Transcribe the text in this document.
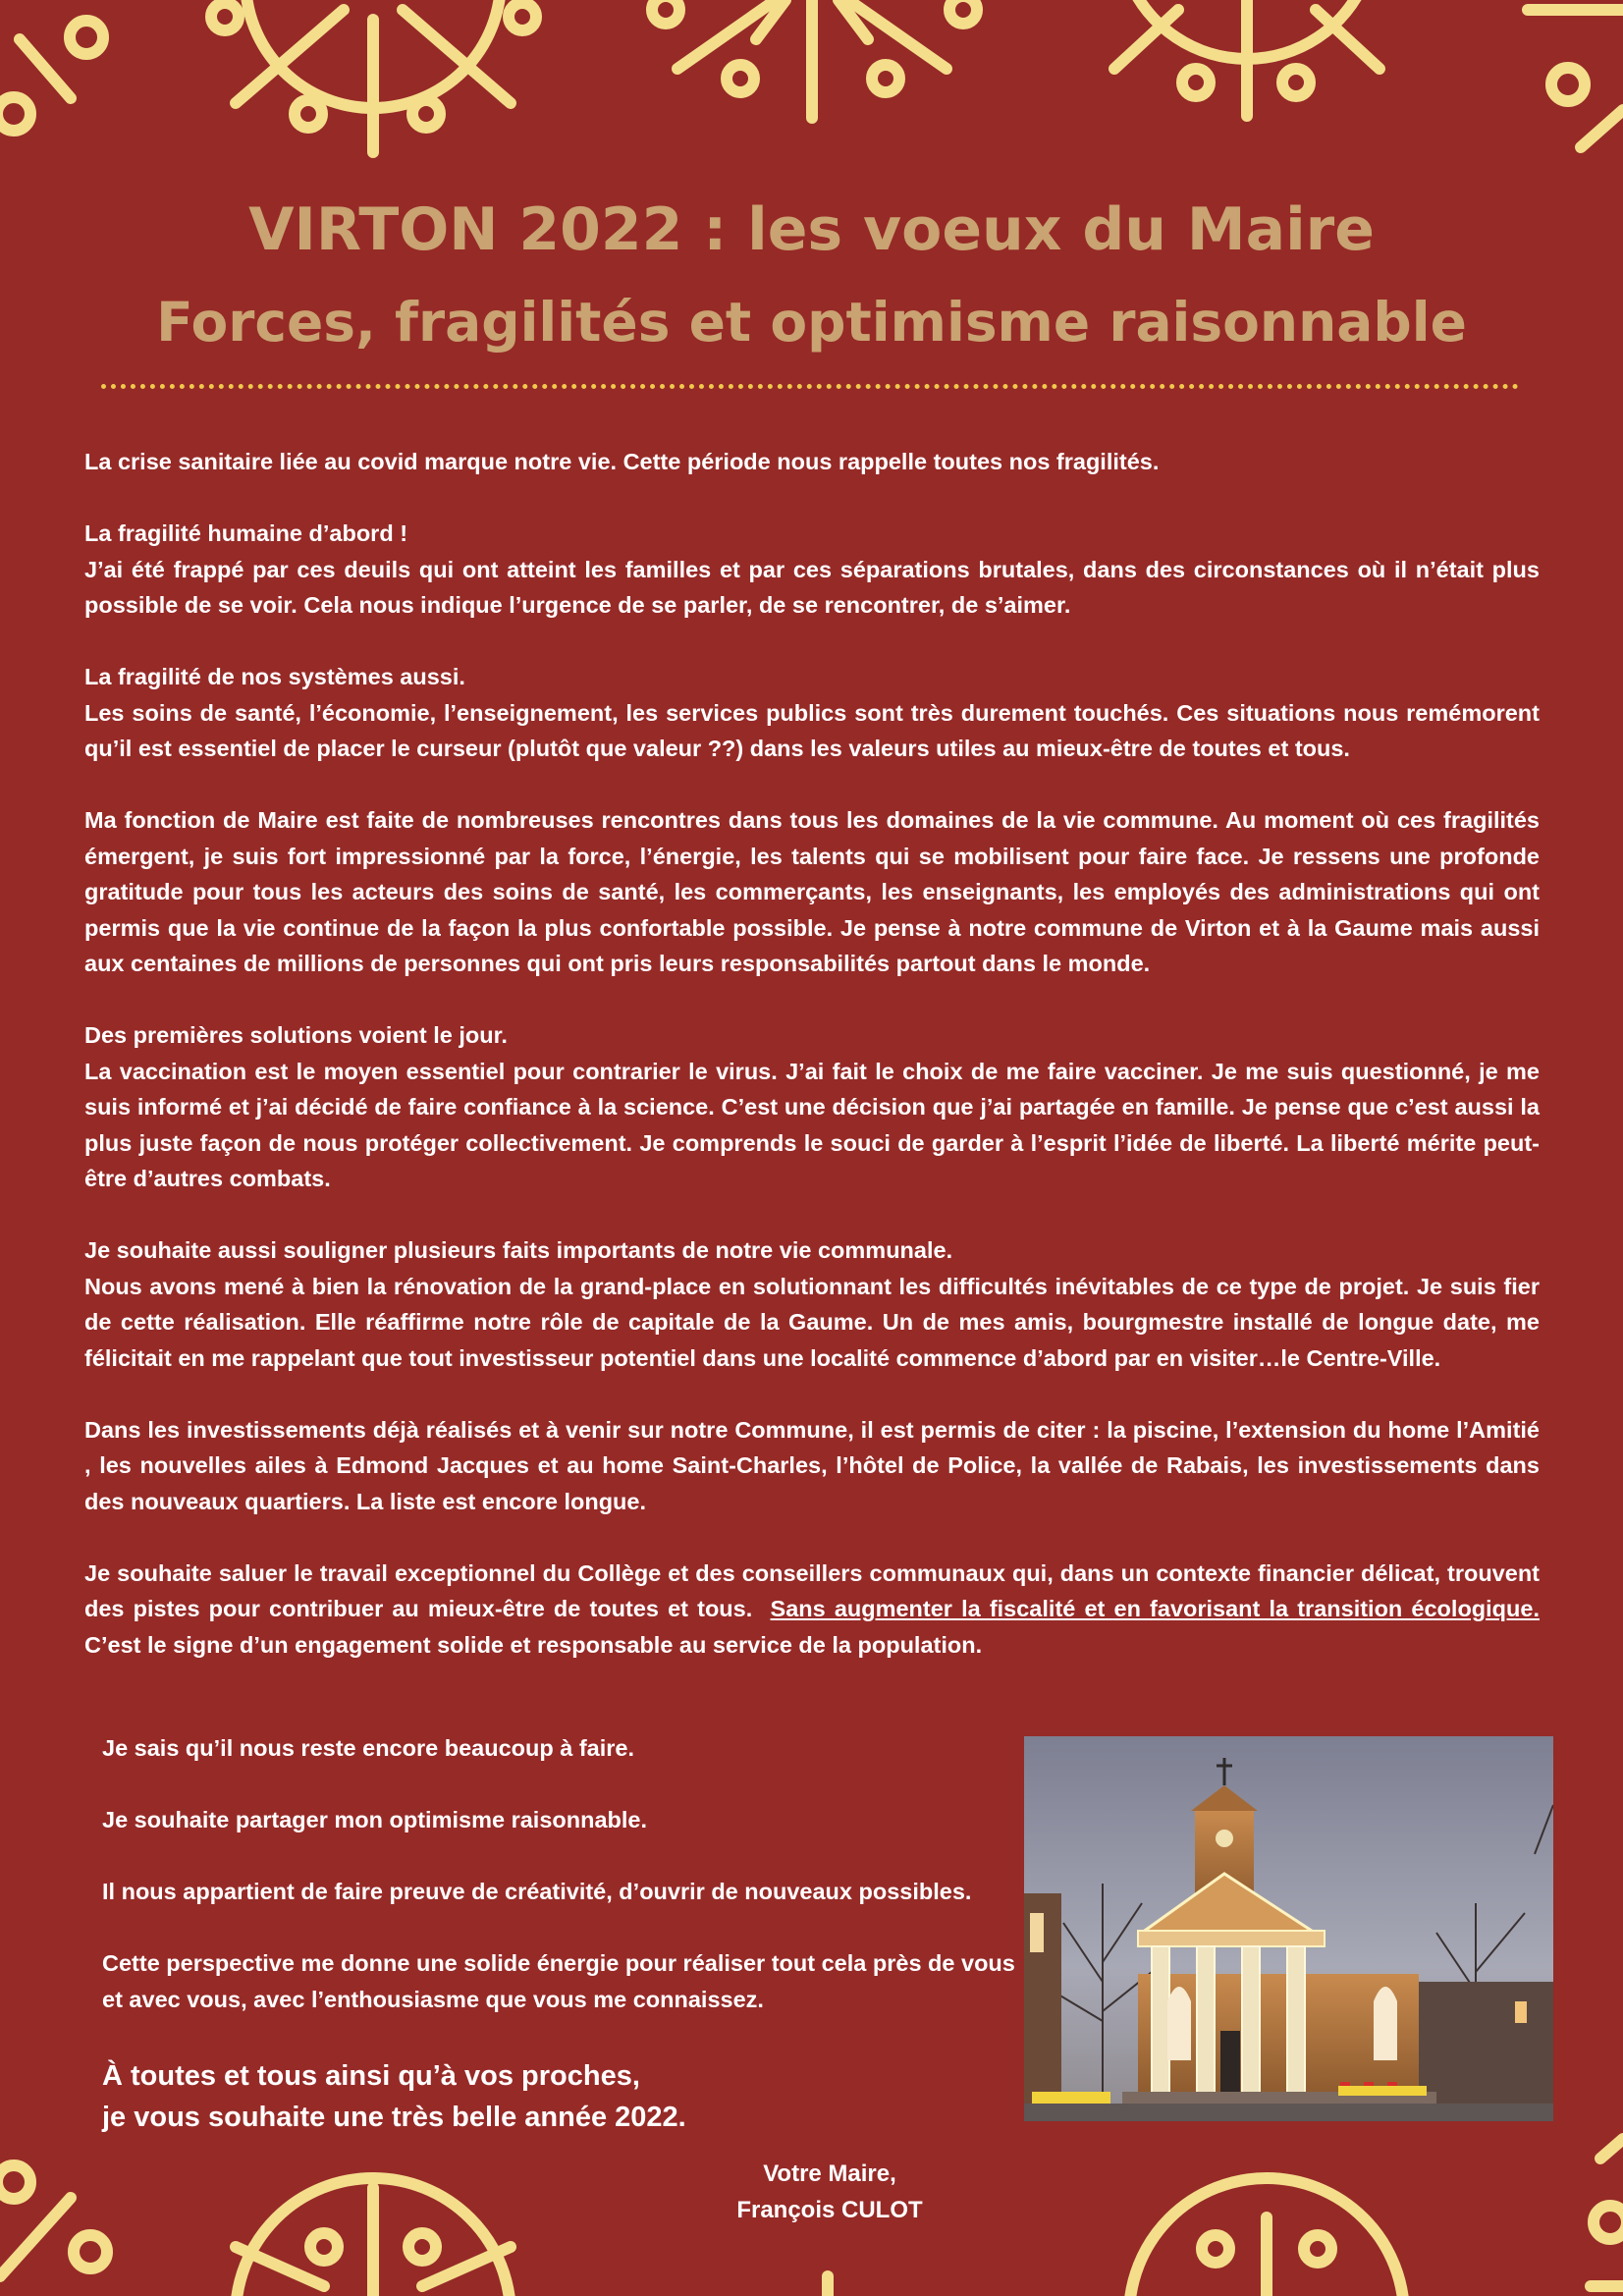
VIRTON 2022 : les voeux du Maire
Forces, fragilités et optimisme raisonnable

La crise sanitaire liée au covid marque notre vie. Cette période nous rappelle toutes nos fragilités.

La fragilité humaine d’abord !
J’ai été frappé par ces deuils qui ont atteint les familles et par ces séparations brutales, dans des circonstances où il n’était plus possible de se voir. Cela nous indique l’urgence de se parler, de se rencontrer, de s’aimer.

La fragilité de nos systèmes aussi.
Les soins de santé, l’économie, l’enseignement, les services publics sont très durement touchés. Ces situations nous remémorent qu’il est essentiel de placer le curseur (plutôt que valeur ??) dans les valeurs utiles au mieux-être de toutes et tous.

Ma fonction de Maire est faite de nombreuses rencontres dans tous les domaines de la vie commune. Au moment où ces fragilités émergent, je suis fort impressionné par la force, l’énergie, les talents qui se mobilisent pour faire face. Je ressens une profonde gratitude pour tous les acteurs des soins de santé, les commerçants, les enseignants, les employés des administrations qui ont permis que la vie continue de la façon la plus confortable possible. Je pense à notre commune de Virton et à la Gaume mais aussi aux centaines de millions de personnes qui ont pris leurs responsabilités partout dans le monde.

Des premières solutions voient le jour.
La vaccination est le moyen essentiel pour contrarier le virus. J’ai fait le choix de me faire vacciner. Je me suis questionné, je me suis informé et j’ai décidé de faire confiance à la science. C’est une décision que j’ai partagée en famille. Je pense que c’est aussi la plus juste façon de nous protéger collectivement. Je comprends le souci de garder à l’esprit l’idée de liberté. La liberté mérite peut-être d’autres combats.

Je souhaite aussi souligner plusieurs faits importants de notre vie communale.
Nous avons mené à bien la rénovation de la grand-place en solutionnant les difficultés inévitables de ce type de projet. Je suis fier de cette réalisation. Elle réaffirme notre rôle de capitale de la Gaume. Un de mes amis, bourgmestre installé de longue date, me félicitait en me rappelant que tout investisseur potentiel dans une localité commence d’abord par en visiter…le Centre-Ville.

Dans les investissements déjà réalisés et à venir sur notre Commune, il est permis de citer : la piscine, l’extension du home l’Amitié , les nouvelles ailes à Edmond Jacques et au home Saint-Charles, l’hôtel de Police, la vallée de Rabais, les investissements dans des nouveaux quartiers. La liste est encore longue.

Je souhaite saluer le travail exceptionnel du Collège et des conseillers communaux qui, dans un contexte financier délicat, trouvent des pistes pour contribuer au mieux-être de toutes et tous.  Sans augmenter la fiscalité et en favorisant la transition écologique. C’est le signe d’un engagement solide et responsable au service de la population.

Je sais qu’il nous reste encore beaucoup à faire.

Je souhaite partager mon optimisme raisonnable.

Il nous appartient de faire preuve de créativité, d’ouvrir de nouveaux possibles.

Cette perspective me donne une solide énergie pour réaliser tout cela près de vous et avec vous, avec l’enthousiasme que vous me connaissez.

À toutes et tous ainsi qu’à vos proches,
je vous souhaite une très belle année 2022.
Votre Maire,
François CULOT
